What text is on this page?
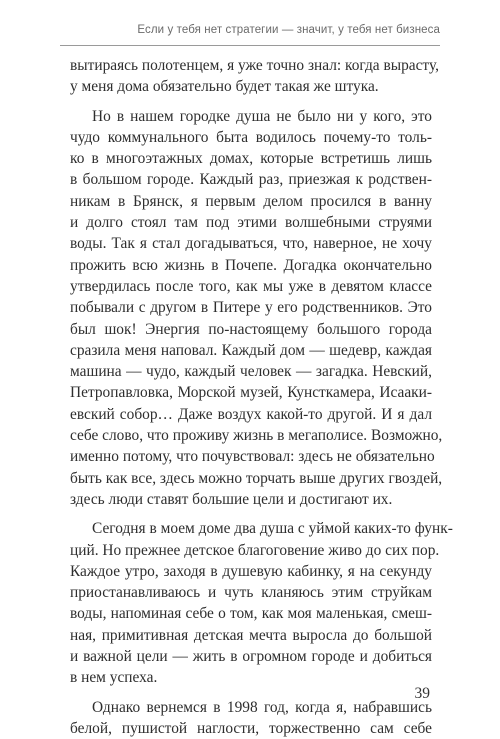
Если у тебя нет стратегии — значит, у тебя нет бизнеса

вытираясь полотенцем, я уже точно знал: когда вырасту,
у меня дома обязательно будет такая же штука.

Но в нашем городке душа не было ни у кого, это
чудо коммунального быта водилось почему-то толь-
ко в многоэтажных домах, которые встретишь лишь
в большом городе. Каждый раз, приезжая к родствен-
никам в Брянск, я первым делом просился в ванну
и долго стоял там под этими волшебными струями
воды. Так я стал догадываться, что, наверное, не хочу
прожить всю жизнь в Почепе. Догадка окончательно
утвердилась после того, как мы уже в девятом классе
побывали с другом в Питере у его родственников. Это
был шок! Энергия по-настоящему большого города
сразила меня наповал. Каждый дом — шедевр, каждая
машина — чудо, каждый человек — загадка. Невский,
Петропавловка, Морской музей, Кунсткамера, Исааки-
евский собор… Даже воздух какой-то другой. И я дал
себе слово, что проживу жизнь в мегаполисе. Возможно,
именно потому, что почувствовал: здесь не обязательно
быть как все, здесь можно торчать выше других гвоздей,
здесь люди ставят большие цели и достигают их.

Сегодня в моем доме два душа с уймой каких-то функ-
ций. Но прежнее детское благоговение живо до сих пор.
Каждое утро, заходя в душевую кабинку, я на секунду
приостанавливаюсь и чуть кланяюсь этим струйкам
воды, напоминая себе о том, как моя маленькая, смеш-
ная, примитивная детская мечта выросла до большой
и важной цели — жить в огромном городе и добиться
в нем успеха.

Однако вернемся в 1998 год, когда я, набравшись
белой, пушистой наглости, торжественно сам себе

39
